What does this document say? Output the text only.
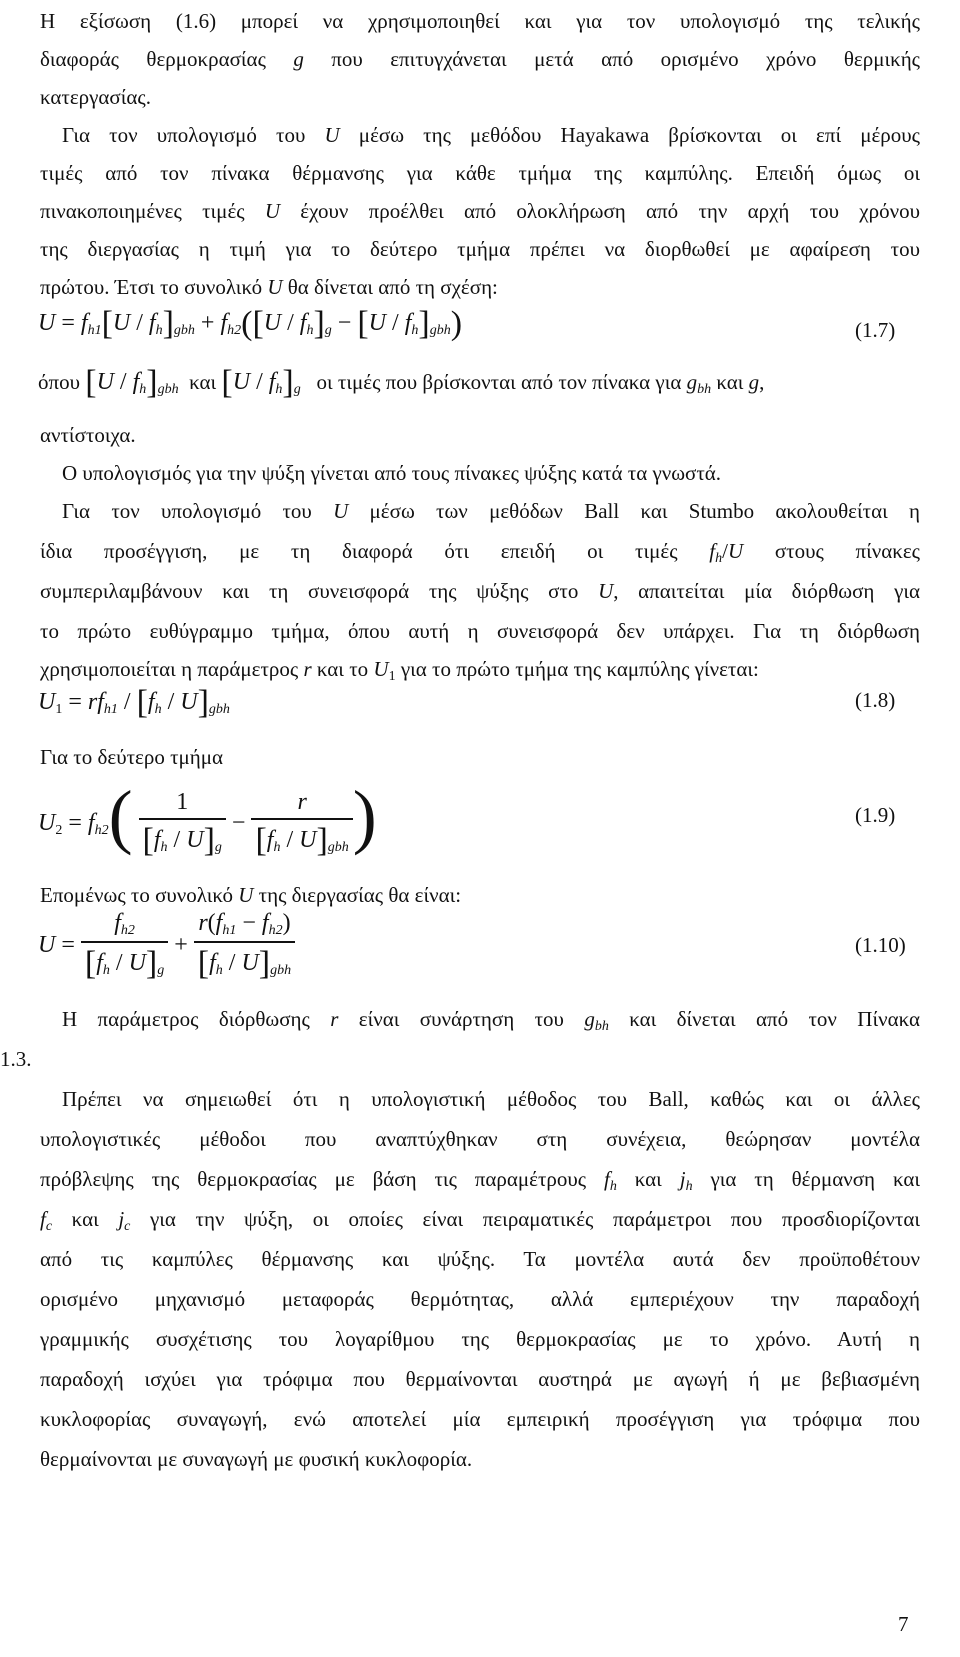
Η εξίσωση (1.6) μπορεί να χρησιμοποιηθεί και για τον υπολογισμό της τελικής
διαφοράς θερμοκρασίας g που επιτυγχάνεται μετά από ορισμένο χρόνο θερμικής
κατεργασίας.
Για τον υπολογισμό του U μέσω της μεθόδου Hayakawa βρίσκονται οι επί μέρους
τιμές από τον πίνακα θέρμανσης για κάθε τμήμα της καμπύλης. Επειδή όμως οι
πινακοποιημένες τιμές U έχουν προέλθει από ολοκλήρωση από την αρχή του χρόνου
της διεργασίας η τιμή για το δεύτερο τμήμα πρέπει να διορθωθεί με αφαίρεση του
πρώτου. Έτσι το συνολικό U θα δίνεται από τη σχέση:
U = fh1[U / fh]gbh + fh2([U / fh]g − [U / fh]gbh)	(1.7)
όπου [U / fh]gbh και [U / fh]g οι τιμές που βρίσκονται από τον πίνακα για gbh και g,
αντίστοιχα.
Ο υπολογισμός για την ψύξη γίνεται από τους πίνακες ψύξης κατά τα γνωστά.
Για τον υπολογισμό του U μέσω των μεθόδων Ball και Stumbo ακολουθείται η
ίδια προσέγγιση, με τη διαφορά ότι επειδή οι τιμές fh/U στους πίνακες
συμπεριλαμβάνουν και τη συνεισφορά της ψύξης στο U, απαιτείται μία διόρθωση για
το πρώτο ευθύγραμμο τμήμα, όπου αυτή η συνεισφορά δεν υπάρχει. Για τη διόρθωση
χρησιμοποιείται η παράμετρος r και το $U_1$ για το πρώτο τμήμα της καμπύλης γίνεται:
$U_1 = rfh1 / [fh / U]gbh$	(1.8)
Για το δεύτερο τμήμα
$U_2 = fh2( \frac{1}{[fh / U]g} - \frac{r}{\text{[fh / U]gbh}}$ )	(1.9)
Επομένως το συνολικό U της διεργασίας θα είναι:
$U = \frac{fh2}{[fh / U]g} + \frac{r(fh1 - fh2)}{\text{[fh / U]gbh}}$	(1.10)
Η παράμετρος διόρθωσης r είναι συνάρτηση του gbh και δίνεται από τον Πίνακα
1.3.
Πρέπει να σημειωθεί ότι η υπολογιστική μέθοδος του Ball, καθώς και οι άλλες
υπολογιστικές μέθοδοι που αναπτύχθηκαν στη συνέχεια, θεώρησαν μοντέλα
πρόβλεψης της θερμοκρασίας με βάση τις παραμέτρους fh και jh για τη θέρμανση και
fc και jc για την ψύξη, οι οποίες είναι πειραματικές παράμετροι που προσδιορίζονται
από τις καμπύλες θέρμανσης και ψύξης. Τα μοντέλα αυτά δεν προϋποθέτουν
ορισμένο μηχανισμό μεταφοράς θερμότητας, αλλά εμπεριέχουν την παραδοχή
γραμμικής συσχέτισης του λογαρίθμου της θερμοκρασίας με το χρόνο. Αυτή η
παραδοχή ισχύει για τρόφιμα που θερμαίνονται αυστηρά με αγωγή ή με βεβιασμένη
κυκλοφορίας συναγωγή, ενώ αποτελεί μία εμπειρική προσέγγιση για τρόφιμα που
θερμαίνονται με συναγωγή με φυσική κυκλοφορία.
7
